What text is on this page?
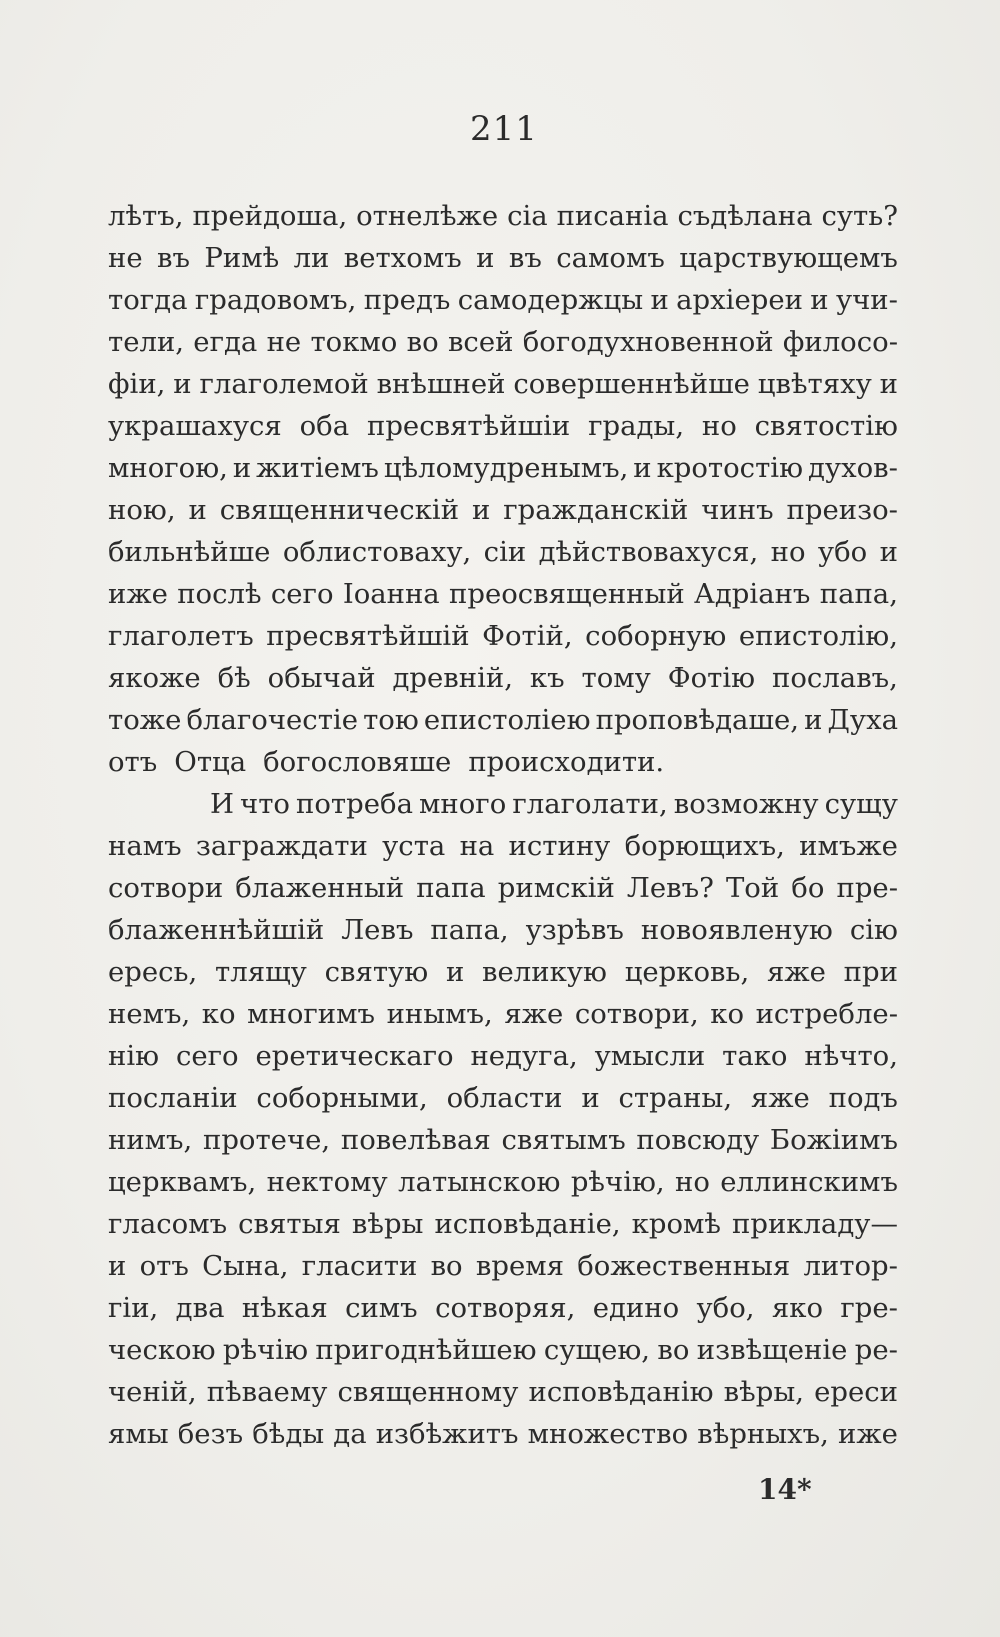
211
лѣтъ, прейдоша, отнелѣже сіа писаніа съдѣлана суть?
не въ Римѣ ли ветхомъ и въ самомъ царствующемъ
тогда градовомъ, предъ самодержцы и архіереи и учи-
тели, егда не токмо во всей богодухновенной филосо-
фіи, и глаголемой внѣшней совершеннѣйше цвѣтяху и
украшахуся оба пресвятѣйшіи грады, но святостію
многою, и житіемъ цѣломудренымъ, и кротостію духов-
ною, и священническій и гражданскій чинъ преизо-
бильнѣйше облистоваху, сіи дѣйствовахуся, но убо и
иже послѣ сего Іоанна преосвященный Адріанъ папа,
глаголетъ пресвятѣйшій Фотій, соборную епистолію,
якоже бѣ обычай древній, къ тому Фотію пославъ,
тоже благочестіе тою епистоліею проповѣдаше, и Духа
отъ Отца богословяше происходити.
И что потреба много глаголати, возможну сущу
намъ заграждати уста на истину борющихъ, имъже
сотвори блаженный папа римскій Левъ? Той бо пре-
блаженнѣйшій Левъ папа, узрѣвъ новоявленую сію
ересь, тлящу святую и великую церковь, яже при
немъ, ко многимъ инымъ, яже сотвори, ко истребле-
нію сего еретическаго недуга, умысли тако нѣчто,
посланіи соборными, области и страны, яже подъ
нимъ, протече, повелѣвая святымъ повсюду Божіимъ
церквамъ, нектому латынскою рѣчію, но еллинскимъ
гласомъ святыя вѣры исповѣданіе, кромѣ прикладу—
и отъ Сына, гласити во время божественныя литор-
гіи, два нѣкая симъ сотворяя, едино убо, яко гре-
ческою рѣчію пригоднѣйшею сущею, во извѣщеніе ре-
ченій, пѣваему священному исповѣданію вѣры, ереси
ямы безъ бѣды да избѣжитъ множество вѣрныхъ, иже
14*
